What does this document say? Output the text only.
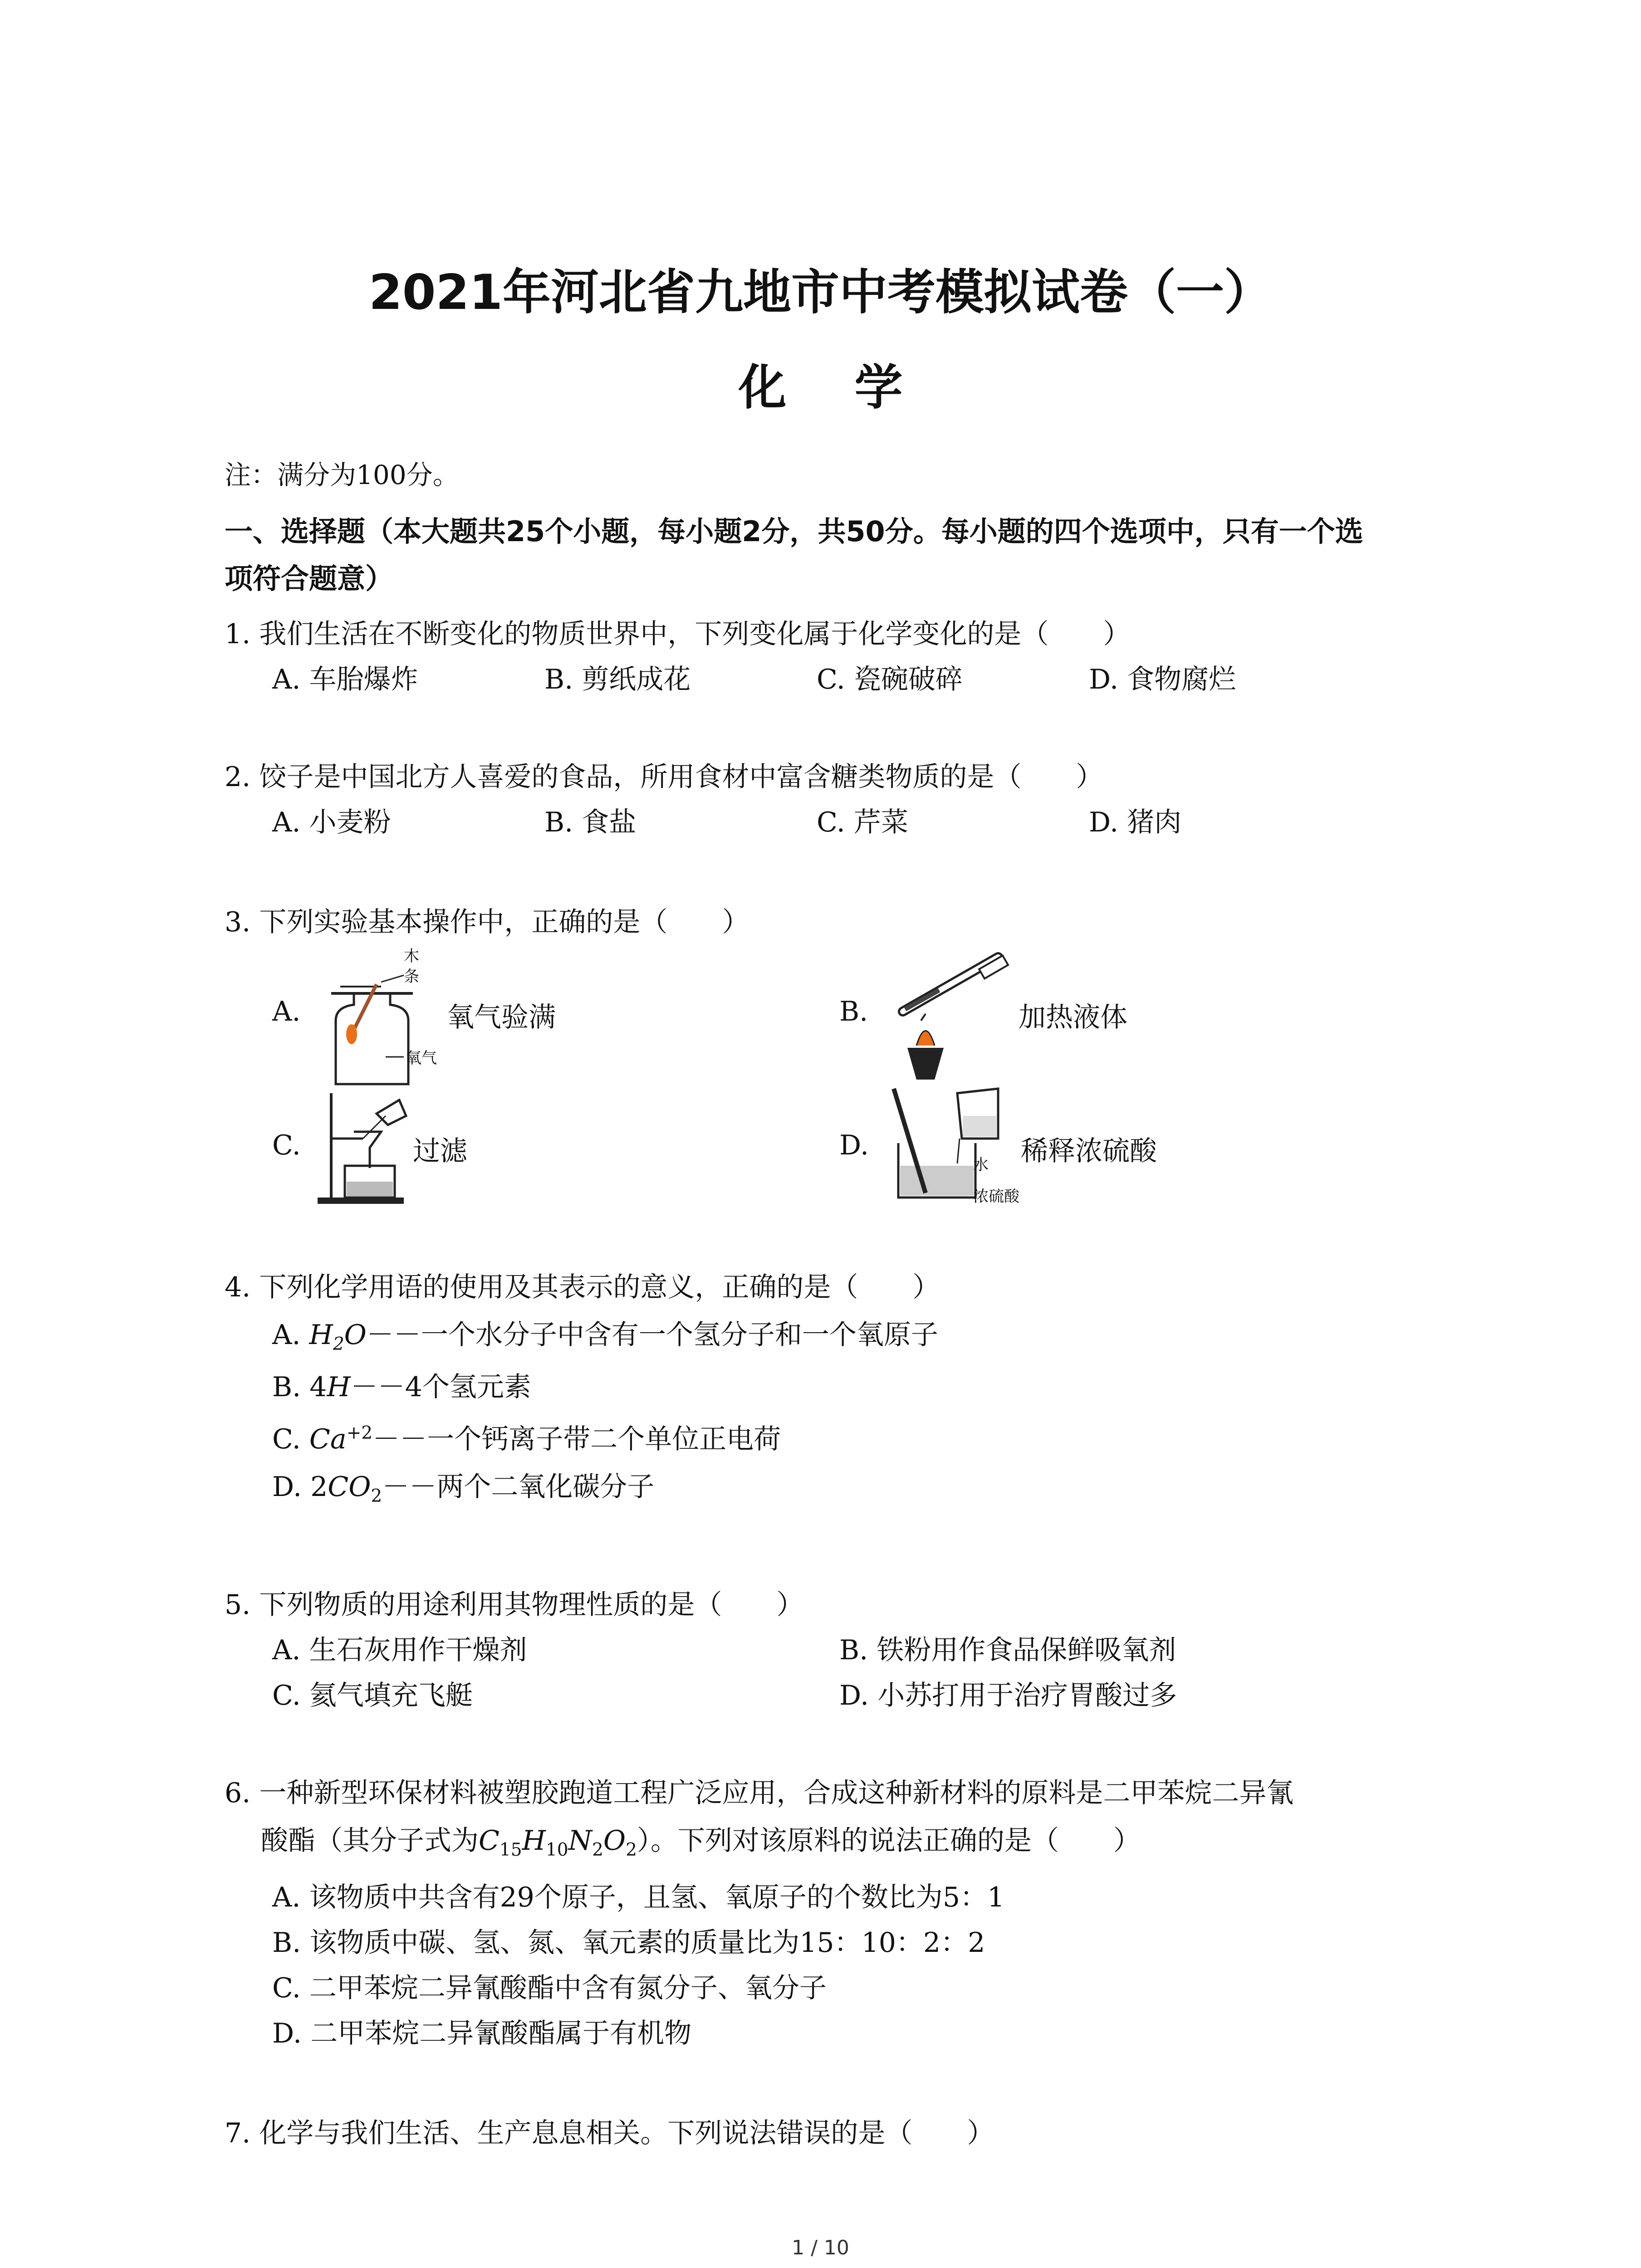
2021年河北省九地市中考模拟试卷（一）
化学
注：满分为100分。
一、选择题（本大题共25个小题，每小题2分，共50分。每小题的四个选项中，只有一个选
项符合题意）
1. 我们生活在不断变化的物质世界中，下列变化属于化学变化的是（　　）
A. 车胎爆炸	B. 剪纸成花	C. 瓷碗破碎	D. 食物腐烂
2. 饺子是中国北方人喜爱的食品，所用食材中富含糖类物质的是（　　）
A. 小麦粉	B. 食盐	C. 芹菜	D. 猪肉
3. 下列实验基本操作中，正确的是（　　）
A.
木
条
氧气
氧气验满	B.	加热液体
C.	过滤	D.
水
浓硫酸
稀释浓硫酸
4. 下列化学用语的使用及其表示的意义，正确的是（　　）
A. $H_2O--$一个水分子中含有一个氢分子和一个氧原子
B. 4H－－4个氢元素
C. $Ca^{+2}--$一个钙离子带二个单位正电荷
D. $2CO_2--$两个二氧化碳分子
5. 下列物质的用途利用其物理性质的是（　　）
A. 生石灰用作干燥剂	B. 铁粉用作食品保鲜吸氧剂
C. 氦气填充飞艇	D. 小苏打用于治疗胃酸过多
6. 一种新型环保材料被塑胶跑道工程广泛应用，合成这种新材料的原料是二甲苯烷二异氰
酸酯（其分子式为$C_{15}H_{10}N_2O_2$）。下列对该原料的说法正确的是（　　）
A. 该物质中共含有29个原子，且氢、氧原子的个数比为5：1
B. 该物质中碳、氢、氮、氧元素的质量比为15：10：2：2
C. 二甲苯烷二异氰酸酯中含有氮分子、氧分子
D. 二甲苯烷二异氰酸酯属于有机物
7. 化学与我们生活、生产息息相关。下列说法错误的是（　　）
1 / 10
